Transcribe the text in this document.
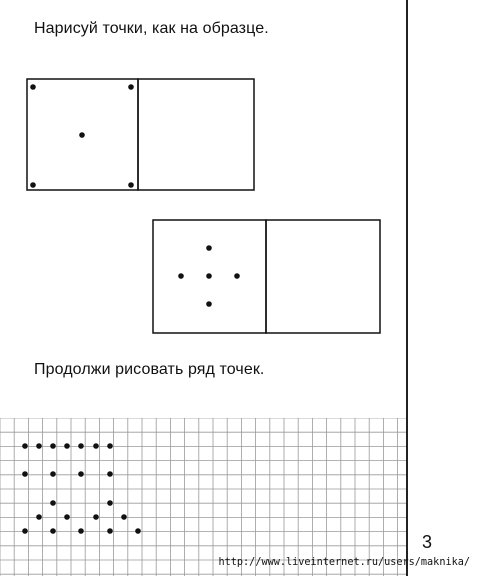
Нарисуй точки, как на образце.
Продолжи рисовать ряд точек.
3
http://www.liveinternet.ru/users/maknika/
